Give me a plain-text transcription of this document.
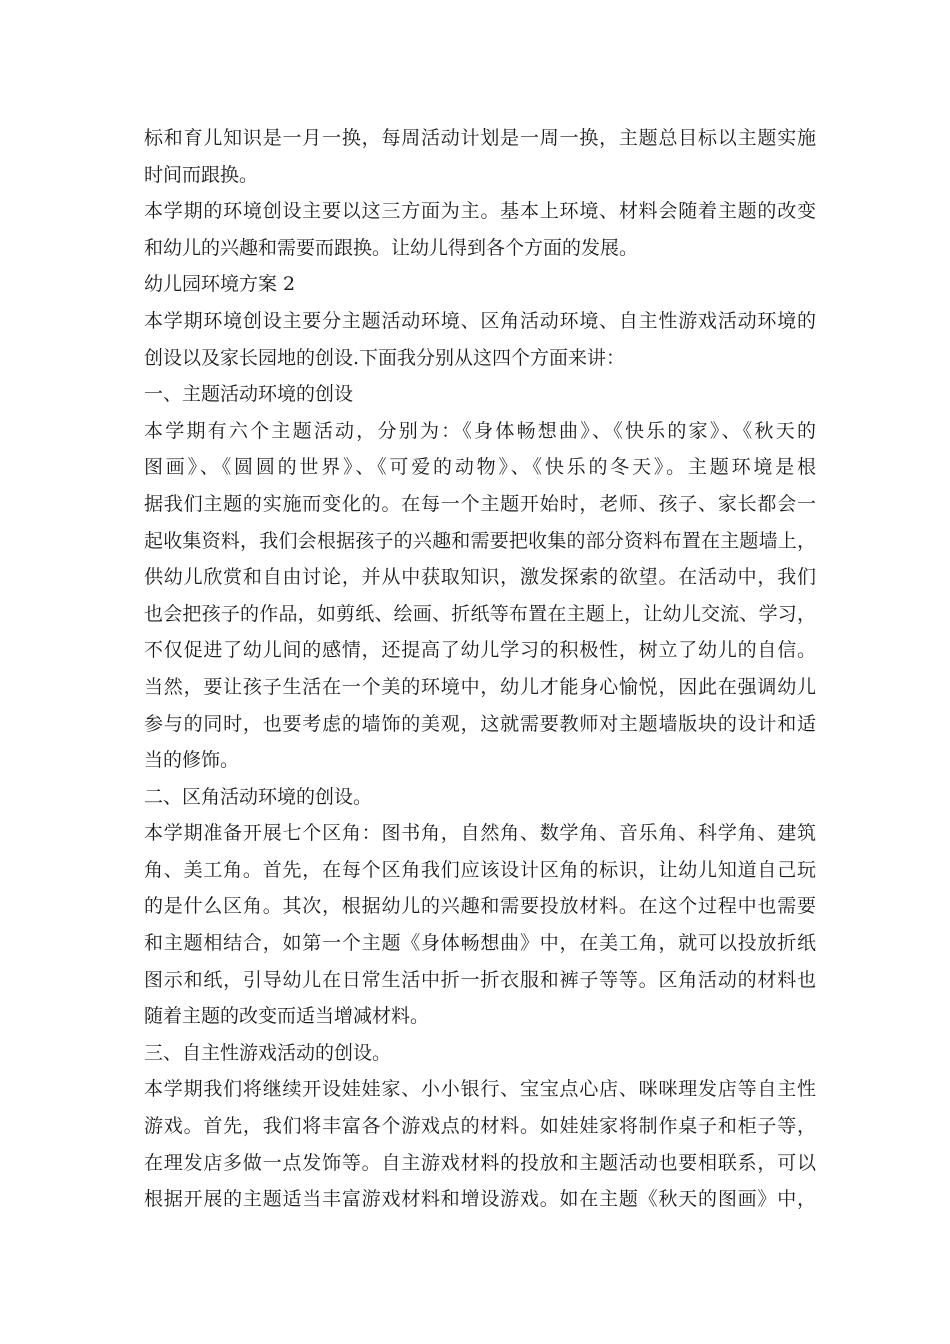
标和育儿知识是一月一换，每周活动计划是一周一换，主题总目标以主题实施
时间而跟换。
本学期的环境创设主要以这三方面为主。基本上环境、材料会随着主题的改变
和幼儿的兴趣和需要而跟换。让幼儿得到各个方面的发展。
幼儿园环境方案 2
本学期环境创设主要分主题活动环境、区角活动环境、自主性游戏活动环境的
创设以及家长园地的创设.下面我分别从这四个方面来讲：
一、主题活动环境的创设
本学期有六个主题活动，分别为：《身体畅想曲》、《快乐的家》、《秋天的
图画》、《圆圆的世界》、《可爱的动物》、《快乐的冬天》。主题环境是根
据我们主题的实施而变化的。在每一个主题开始时，老师、孩子、家长都会一
起收集资料，我们会根据孩子的兴趣和需要把收集的部分资料布置在主题墙上，
供幼儿欣赏和自由讨论，并从中获取知识，激发探索的欲望。在活动中，我们
也会把孩子的作品，如剪纸、绘画、折纸等布置在主题上，让幼儿交流、学习，
不仅促进了幼儿间的感情，还提高了幼儿学习的积极性，树立了幼儿的自信。
当然，要让孩子生活在一个美的环境中，幼儿才能身心愉悦，因此在强调幼儿
参与的同时，也要考虑的墙饰的美观，这就需要教师对主题墙版块的设计和适
当的修饰。
二、区角活动环境的创设。
本学期准备开展七个区角：图书角，自然角、数学角、音乐角、科学角、建筑
角、美工角。首先，在每个区角我们应该设计区角的标识，让幼儿知道自己玩
的是什么区角。其次，根据幼儿的兴趣和需要投放材料。在这个过程中也需要
和主题相结合，如第一个主题《身体畅想曲》中，在美工角，就可以投放折纸
图示和纸，引导幼儿在日常生活中折一折衣服和裤子等等。区角活动的材料也
随着主题的改变而适当增减材料。
三、自主性游戏活动的创设。
本学期我们将继续开设娃娃家、小小银行、宝宝点心店、咪咪理发店等自主性
游戏。首先，我们将丰富各个游戏点的材料。如娃娃家将制作桌子和柜子等，
在理发店多做一点发饰等。自主游戏材料的投放和主题活动也要相联系，可以
根据开展的主题适当丰富游戏材料和增设游戏。如在主题《秋天的图画》中，
